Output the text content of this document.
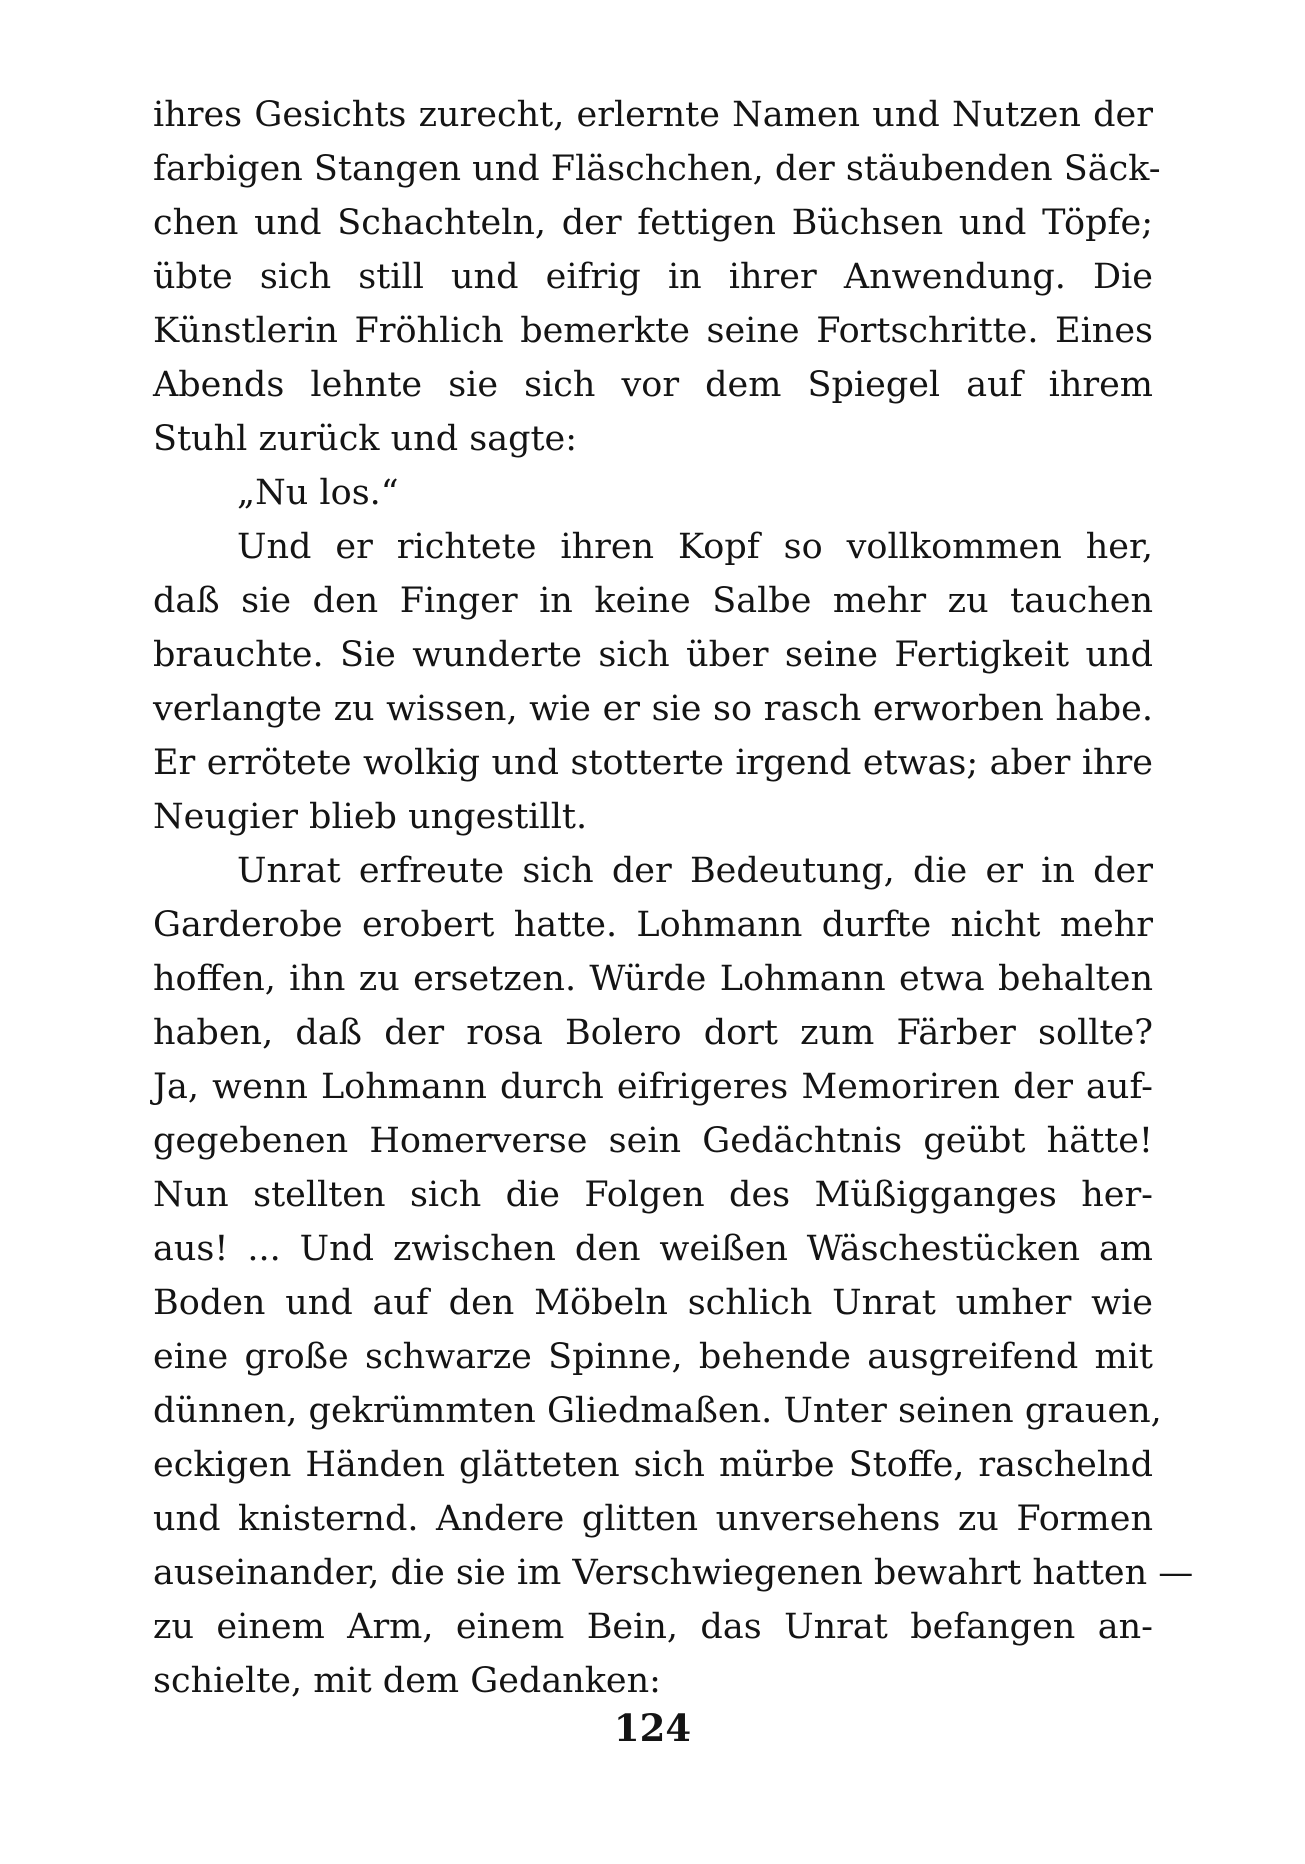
ihres Gesichts zurecht, erlernte Namen und Nutzen der
farbigen Stangen und Fläschchen, der stäubenden Säck-
chen und Schachteln, der fettigen Büchsen und Töpfe;
übte sich still und eifrig in ihrer Anwendung. Die
Künstlerin Fröhlich bemerkte seine Fortschritte. Eines
Abends lehnte sie sich vor dem Spiegel auf ihrem
Stuhl zurück und sagte:
„Nu los.“
Und er richtete ihren Kopf so vollkommen her,
daß sie den Finger in keine Salbe mehr zu tauchen
brauchte. Sie wunderte sich über seine Fertigkeit und
verlangte zu wissen, wie er sie so rasch erworben habe.
Er errötete wolkig und stotterte irgend etwas; aber ihre
Neugier blieb ungestillt.
Unrat erfreute sich der Bedeutung, die er in der
Garderobe erobert hatte. Lohmann durfte nicht mehr
hoffen, ihn zu ersetzen. Würde Lohmann etwa behalten
haben, daß der rosa Bolero dort zum Färber sollte?
Ja, wenn Lohmann durch eifrigeres Memoriren der auf-
gegebenen Homerverse sein Gedächtnis geübt hätte!
Nun stellten sich die Folgen des Müßigganges her-
aus! ... Und zwischen den weißen Wäschestücken am
Boden und auf den Möbeln schlich Unrat umher wie
eine große schwarze Spinne, behende ausgreifend mit
dünnen, gekrümmten Gliedmaßen. Unter seinen grauen,
eckigen Händen glätteten sich mürbe Stoffe, raschelnd
und knisternd. Andere glitten unversehens zu Formen
auseinander, die sie im Verschwiegenen bewahrt hatten —
zu einem Arm, einem Bein, das Unrat befangen an-
schielte, mit dem Gedanken:
124
